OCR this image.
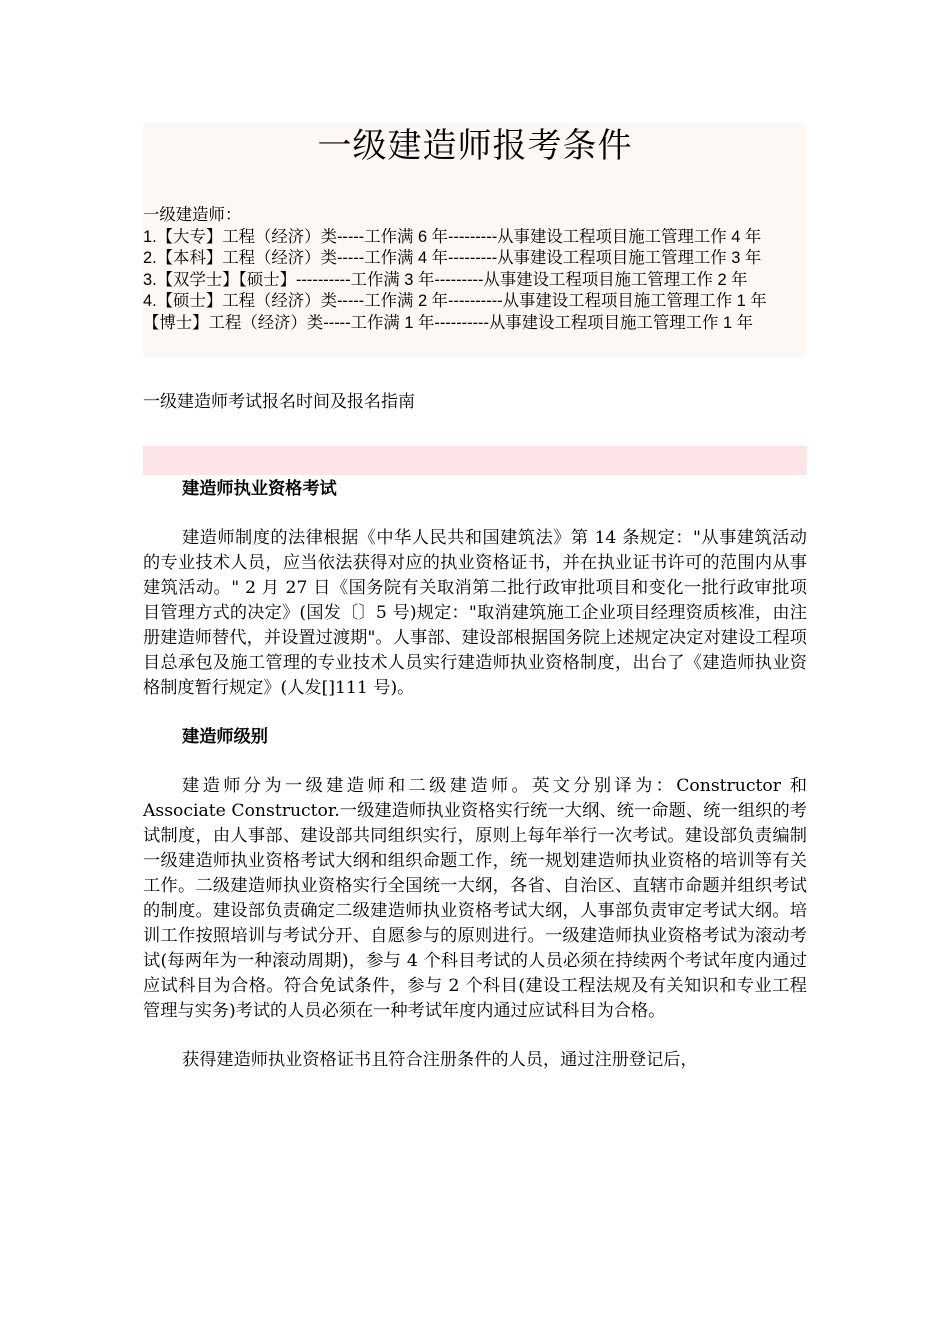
一级建造师报考条件
一级建造师：
1.【大专】工程（经济）类-----工作满 6 年---------从事建设工程项目施工管理工作 4 年
2.【本科】工程（经济）类-----工作满 4 年---------从事建设工程项目施工管理工作 3 年
3.【双学士】【硕士】----------工作满 3 年---------从事建设工程项目施工管理工作 2 年
4.【硕士】工程（经济）类-----工作满 2 年----------从事建设工程项目施工管理工作 1 年
【博士】工程（经济）类-----工作满 1 年----------从事建设工程项目施工管理工作 1 年
一级建造师考试报名时间及报名指南

建造师执业资格考试

建造师制度的法律根据《中华人民共和国建筑法》第 14 条规定："从事建筑活动的专业技术人员，应当依法获得对应的执业资格证书，并在执业证书许可的范围内从事建筑活动。" 2 月 27 日《国务院有关取消第二批行政审批项目和变化一批行政审批项目管理方式的决定》(国发〔〕5 号)规定："取消建筑施工企业项目经理资质核准，由注册建造师替代，并设置过渡期"。人事部、建设部根据国务院上述规定决定对建设工程项目总承包及施工管理的专业技术人员实行建造师执业资格制度，出台了《建造师执业资格制度暂行规定》(人发[]111 号)。

建造师级别

建造师分为一级建造师和二级建造师。英文分别译为：Constructor 和 Associate Constructor.一级建造师执业资格实行统一大纲、统一命题、统一组织的考试制度，由人事部、建设部共同组织实行，原则上每年举行一次考试。建设部负责编制一级建造师执业资格考试大纲和组织命题工作，统一规划建造师执业资格的培训等有关工作。二级建造师执业资格实行全国统一大纲，各省、自治区、直辖市命题并组织考试的制度。建设部负责确定二级建造师执业资格考试大纲，人事部负责审定考试大纲。培训工作按照培训与考试分开、自愿参与的原则进行。一级建造师执业资格考试为滚动考试(每两年为一种滚动周期)，参与 4 个科目考试的人员必须在持续两个考试年度内通过应试科目为合格。符合免试条件，参与 2 个科目(建设工程法规及有关知识和专业工程管理与实务)考试的人员必须在一种考试年度内通过应试科目为合格。

获得建造师执业资格证书且符合注册条件的人员，通过注册登记后，
